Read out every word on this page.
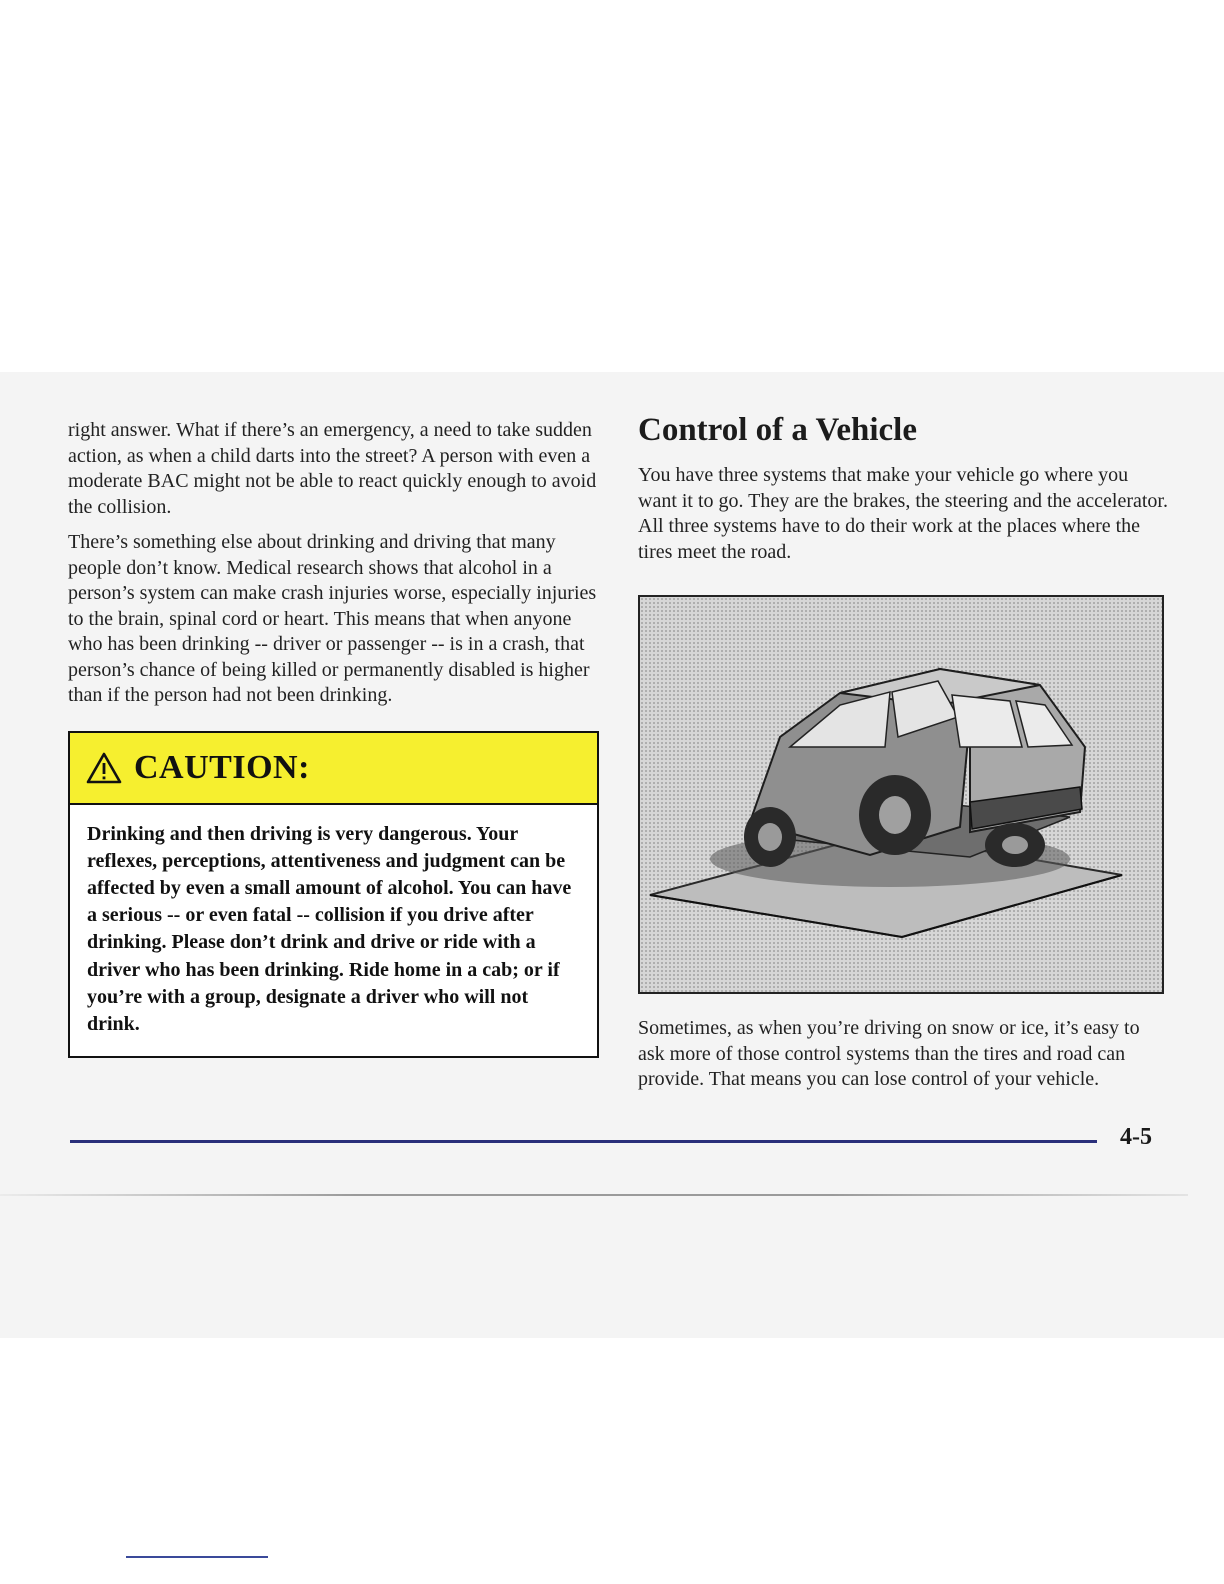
right answer. What if there’s an emergency, a need to take sudden action, as when a child darts into the street? A person with even a moderate BAC might not be able to react quickly enough to avoid the collision.

There’s something else about drinking and driving that many people don’t know. Medical research shows that alcohol in a person’s system can make crash injuries worse, especially injuries to the brain, spinal cord or heart. This means that when anyone who has been drinking -- driver or passenger -- is in a crash, that person’s chance of being killed or permanently disabled is higher than if the person had not been drinking.

CAUTION:

Drinking and then driving is very dangerous. Your reflexes, perceptions, attentiveness and judgment can be affected by even a small amount of alcohol. You can have a serious -- or even fatal -- collision if you drive after drinking. Please don’t drink and drive or ride with a driver who has been drinking. Ride home in a cab; or if you’re with a group, designate a driver who will not drink.

Control of a Vehicle

You have three systems that make your vehicle go where you want it to go. They are the brakes, the steering and the accelerator. All three systems have to do their work at the places where the tires meet the road.

Sometimes, as when you’re driving on snow or ice, it’s easy to ask more of those control systems than the tires and road can provide. That means you can lose control of your vehicle.

4-5
